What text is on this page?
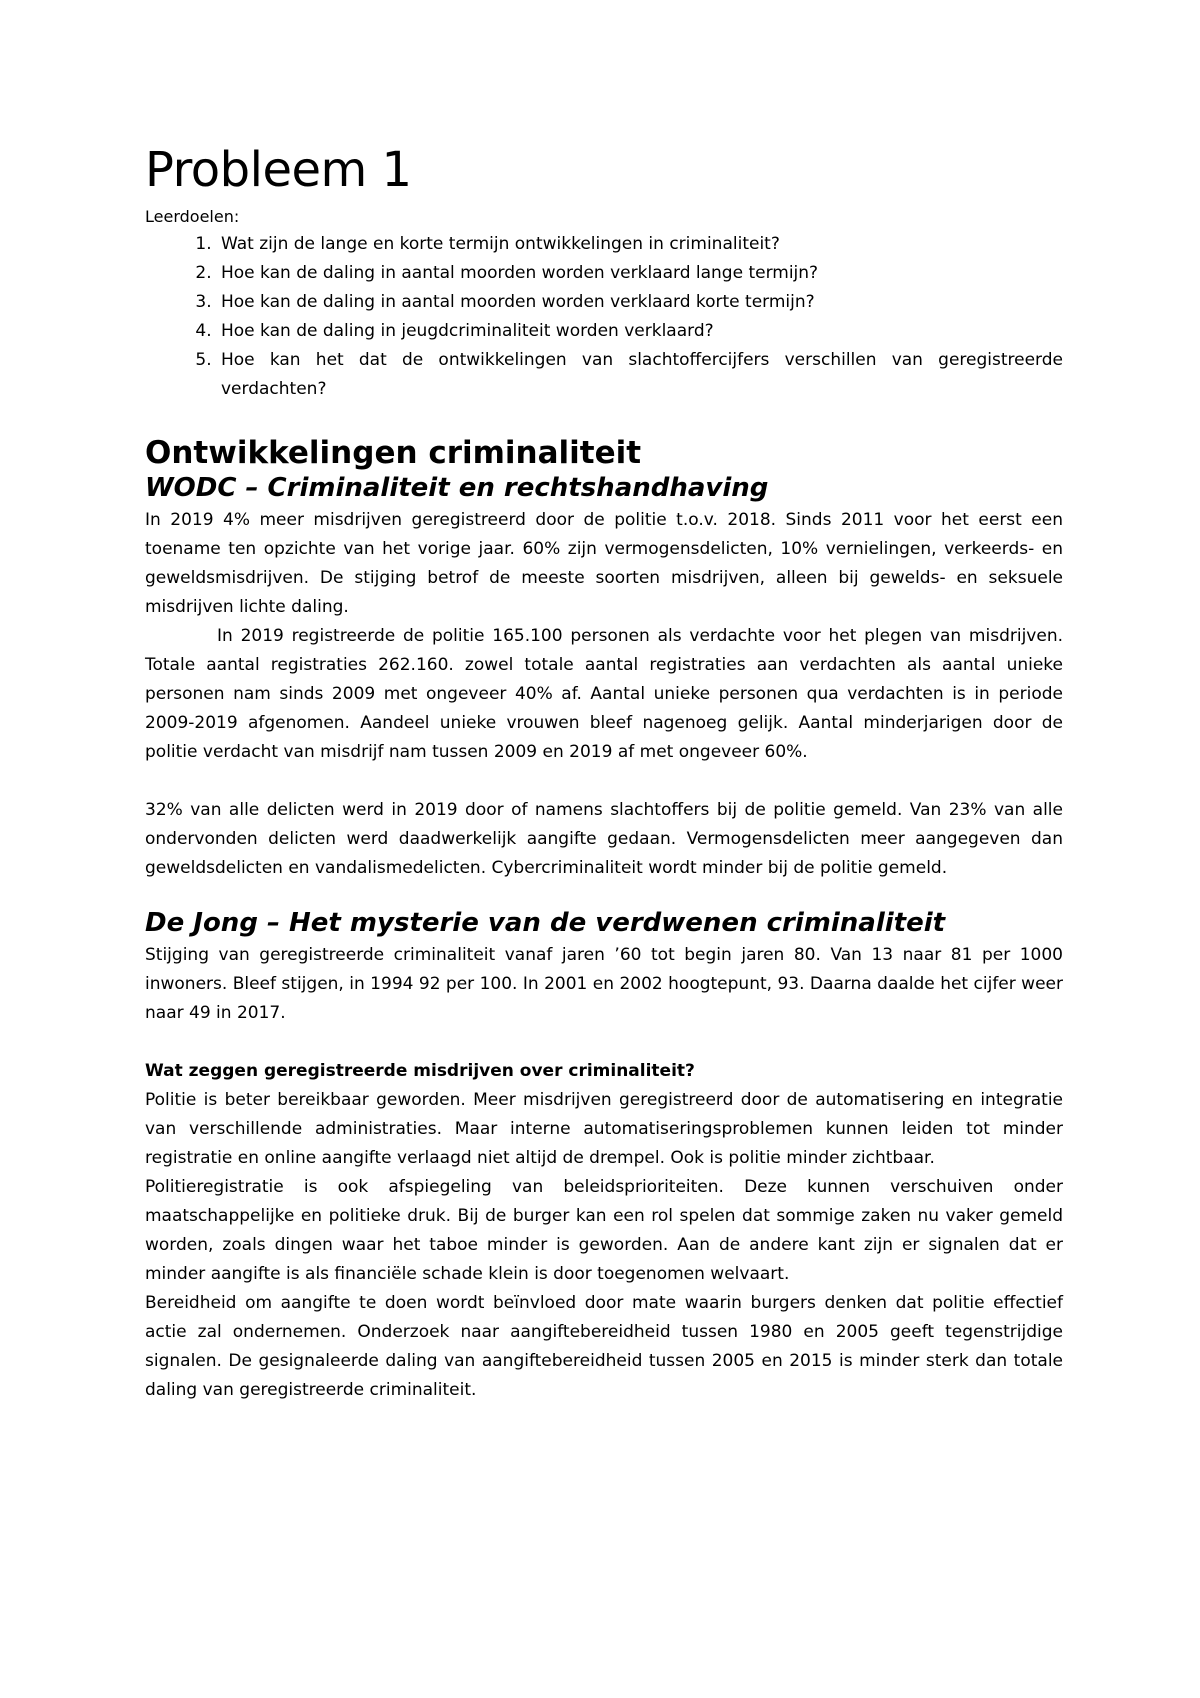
Probleem 1

Leerdoelen:

1. Wat zijn de lange en korte termijn ontwikkelingen in criminaliteit?
2. Hoe kan de daling in aantal moorden worden verklaard lange termijn?
3. Hoe kan de daling in aantal moorden worden verklaard korte termijn?
4. Hoe kan de daling in jeugdcriminaliteit worden verklaard?
5. Hoe kan het dat de ontwikkelingen van slachtoffercijfers verschillen van geregistreerde verdachten?
Ontwikkelingen criminaliteit
WODC – Criminaliteit en rechtshandhaving

In 2019 4% meer misdrijven geregistreerd door de politie t.o.v. 2018. Sinds 2011 voor het eerst een toename ten opzichte van het vorige jaar. 60% zijn vermogensdelicten, 10% vernielingen, verkeerds- en geweldsmisdrijven. De stijging betrof de meeste soorten misdrijven, alleen bij gewelds- en seksuele misdrijven lichte daling.

In 2019 registreerde de politie 165.100 personen als verdachte voor het plegen van misdrijven. Totale aantal registraties 262.160. zowel totale aantal registraties aan verdachten als aantal unieke personen nam sinds 2009 met ongeveer 40% af. Aantal unieke personen qua verdachten is in periode 2009-2019 afgenomen. Aandeel unieke vrouwen bleef nagenoeg gelijk. Aantal minderjarigen door de politie verdacht van misdrijf nam tussen 2009 en 2019 af met ongeveer 60%.

32% van alle delicten werd in 2019 door of namens slachtoffers bij de politie gemeld. Van 23% van alle ondervonden delicten werd daadwerkelijk aangifte gedaan. Vermogensdelicten meer aangegeven dan geweldsdelicten en vandalismedelicten. Cybercriminaliteit wordt minder bij de politie gemeld.

De Jong – Het mysterie van de verdwenen criminaliteit

Stijging van geregistreerde criminaliteit vanaf jaren ’60 tot begin jaren 80. Van 13 naar 81 per 1000 inwoners. Bleef stijgen, in 1994 92 per 100. In 2001 en 2002 hoogtepunt, 93. Daarna daalde het cijfer weer naar 49 in 2017.

Wat zeggen geregistreerde misdrijven over criminaliteit?

Politie is beter bereikbaar geworden. Meer misdrijven geregistreerd door de automatisering en integratie van verschillende administraties. Maar interne automatiseringsproblemen kunnen leiden tot minder registratie en online aangifte verlaagd niet altijd de drempel. Ook is politie minder zichtbaar.

Politieregistratie is ook afspiegeling van beleidsprioriteiten. Deze kunnen verschuiven onder maatschappelijke en politieke druk. Bij de burger kan een rol spelen dat sommige zaken nu vaker gemeld worden, zoals dingen waar het taboe minder is geworden. Aan de andere kant zijn er signalen dat er minder aangifte is als financiële schade klein is door toegenomen welvaart.

Bereidheid om aangifte te doen wordt beïnvloed door mate waarin burgers denken dat politie effectief actie zal ondernemen. Onderzoek naar aangiftebereidheid tussen 1980 en 2005 geeft tegenstrijdige signalen. De gesignaleerde daling van aangiftebereidheid tussen 2005 en 2015 is minder sterk dan totale daling van geregistreerde criminaliteit.
